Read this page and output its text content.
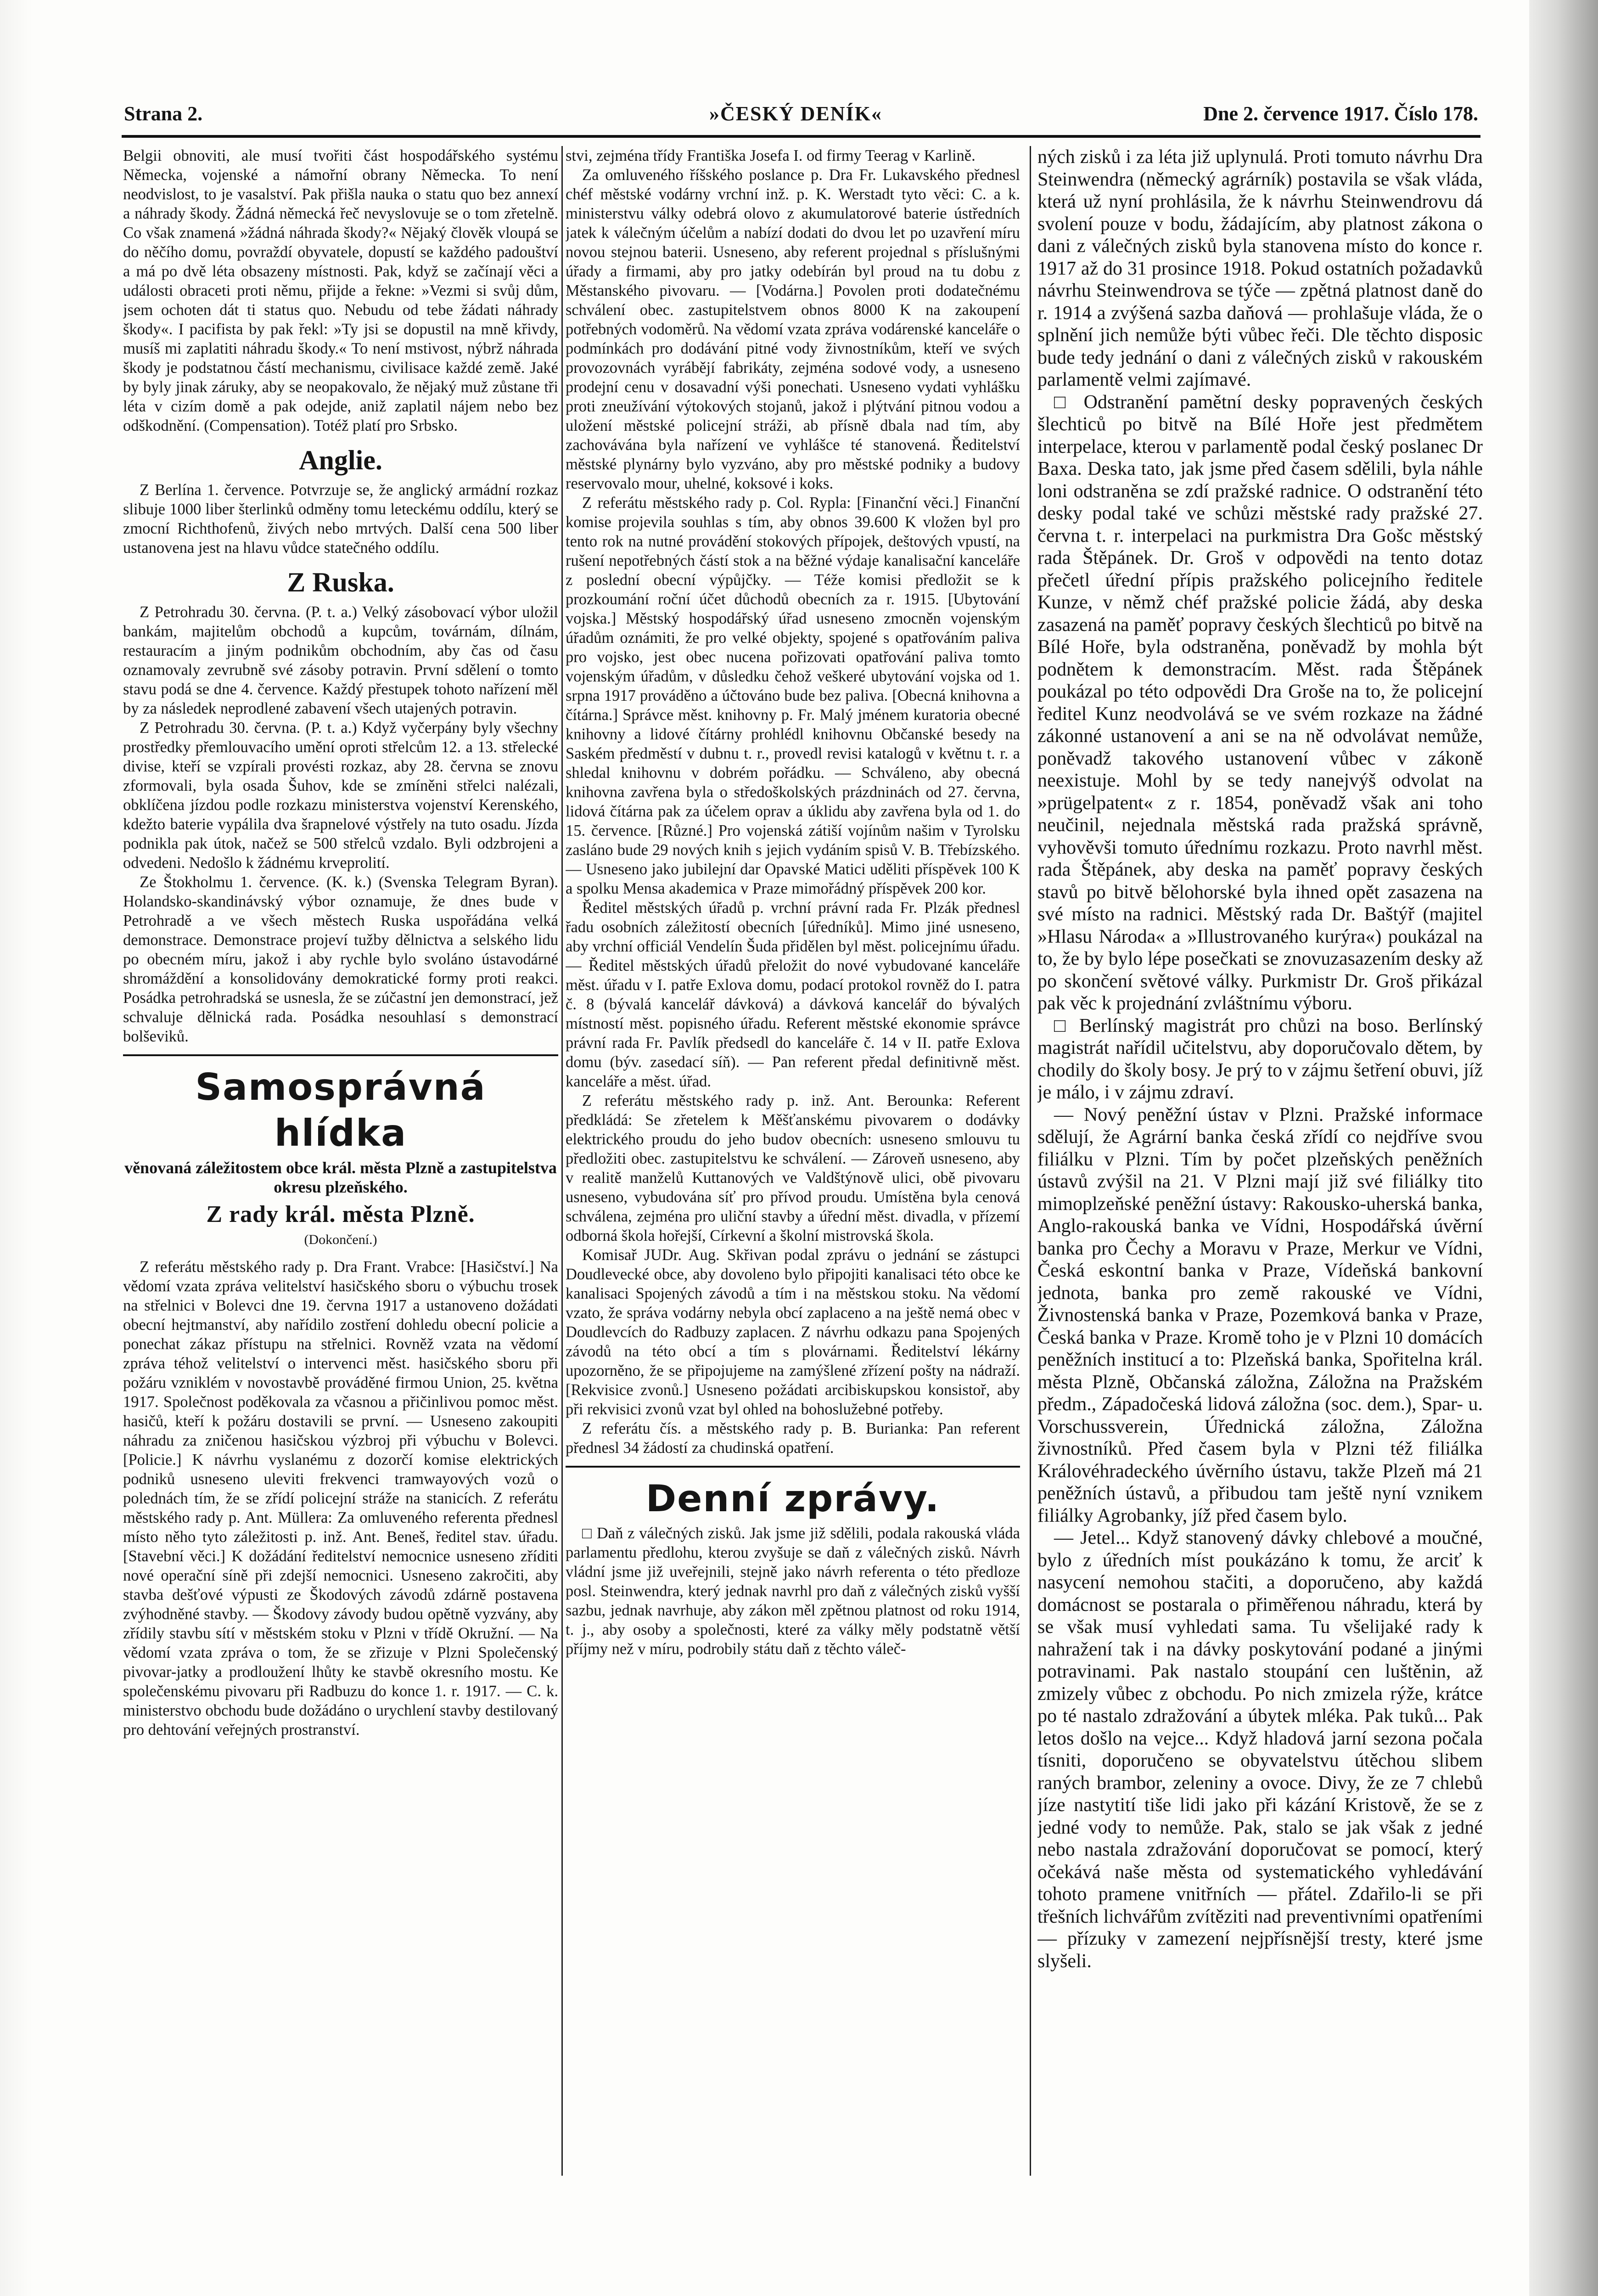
Strana 2.	»ČESKÝ DENÍK«	Dne 2. července 1917. Číslo 178.

Belgii obnoviti, ale musí tvořiti část hospodářského systému Německa, vojenské a námořní obrany Německa. To není neodvislost, to je vasalství. Pak přišla nauka o statu quo bez annexí a náhrady škody. Žádná německá řeč nevyslovuje se o tom zřetelně. Co však znamená »žádná náhrada škody?« Nějaký člověk vloupá se do něčího domu, povraždí obyvatele, dopustí se každého padouštví a má po dvě léta obsazeny místnosti. Pak, když se začínají věci a události obraceti proti němu, přijde a řekne: »Vezmi si svůj dům, jsem ochoten dát ti status quo. Nebudu od tebe žádati náhrady škody«. I pacifista by pak řekl: »Ty jsi se dopustil na mně křivdy, musíš mi zaplatiti náhradu škody.« To není mstivost, nýbrž náhrada škody je podstatnou částí mechanismu, civilisace každé země. Jaké by byly jinak záruky, aby se neopakovalo, že nějaký muž zůstane tři léta v cizím domě a pak odejde, aniž zaplatil nájem nebo bez odškodnění. (Compensation). Totéž platí pro Srbsko.

Anglie.

Z Berlína 1. července. Potvrzuje se, že anglický armádní rozkaz slibuje 1000 liber šterlinků odměny tomu leteckému oddílu, který se zmocní Richthofenů, živých nebo mrtvých. Další cena 500 liber ustanovena jest na hlavu vůdce statečného oddílu.

Z Ruska.

Z Petrohradu 30. června. (P. t. a.) Velký zásobovací výbor uložil bankám, majitelům obchodů a kupcům, továrnám, dílnám, restauracím a jiným podnikům obchodním, aby čas od času oznamovaly zevrubně své zásoby potravin. První sdělení o tomto stavu podá se dne 4. července. Každý přestupek tohoto nařízení měl by za následek neprodlené zabavení všech utajených potravin.

Z Petrohradu 30. června. (P. t. a.) Když vyčerpány byly všechny prostředky přemlouvacího umění oproti střelcům 12. a 13. střelecké divise, kteří se vzpírali provésti rozkaz, aby 28. června se znovu zformovali, byla osada Šuhov, kde se zmíněni střelci nalézali, obklíčena jízdou podle rozkazu ministerstva vojenství Kerenského, kdežto baterie vypálila dva šrapnelové výstřely na tuto osadu. Jízda podnikla pak útok, načež se 500 střelců vzdalo. Byli odzbrojeni a odvedeni. Nedošlo k žádnému krveprolití.

Ze Štokholmu 1. července. (K. k.) (Svenska Telegram Byran). Holandsko-skandinávský výbor oznamuje, že dnes bude v Petrohradě a ve všech městech Ruska uspořádána velká demonstrace. Demonstrace projeví tužby dělnictva a selského lidu po obecném míru, jakož i aby rychle bylo svoláno ústavodárné shromáždění a konsolidovány demokratické formy proti reakci. Posádka petrohradská se usnesla, že se zúčastní jen demonstrací, jež schvaluje dělnická rada. Posádka nesouhlasí s demonstrací bolševiků.

Samosprávná hlídka
věnovaná záležitostem obce král. města Plzně a zastupitelstva okresu plzeňského.
Z rady král. města Plzně.
(Dokončení.)

Z referátu městského rady p. Dra Frant. Vrabce: [Hasičství.] Na vědomí vzata zpráva velitelství hasičského sboru o výbuchu trosek na střelnici v Bolevci dne 19. června 1917 a ustanoveno dožádati obecní hejtmanství, aby nařídilo zostření dohledu obecní policie a ponechat zákaz přístupu na střelnici. Rovněž vzata na vědomí zpráva téhož velitelství o intervenci měst. hasičského sboru při požáru vzniklém v novostavbě prováděné firmou Union, 25. května 1917. Společnost poděkovala za včasnou a přičinlivou pomoc měst. hasičů, kteří k požáru dostavili se první. — Usneseno zakoupiti náhradu za zničenou hasičskou výzbroj při výbuchu v Bolevci. [Policie.] K návrhu vyslanému z dozorčí komise elektrických podniků usneseno uleviti frekvenci tramwayových vozů o polednách tím, že se zřídí policejní stráže na stanicích. Z referátu městského rady p. Ant. Müllera: Za omluveného referenta přednesl místo něho tyto záležitosti p. inž. Ant. Beneš, ředitel stav. úřadu. [Stavební věci.] K dožádání ředitelství nemocnice usneseno zříditi nové operační síně při zdejší nemocnici. Usneseno zakročiti, aby stavba dešťové výpusti ze Škodových závodů zdárně postavena zvýhodněné stavby. — Škodovy závody budou opětně vyzvány, aby zřídily stavbu sítí v městském stoku v Plzni v třídě Okružní. — Na vědomí vzata zpráva o tom, že se zřizuje v Plzni Společenský pivovar-jatky a prodloužení lhůty ke stavbě okresního mostu. Ke společenskému pivovaru při Radbuzu do konce 1. r. 1917. — C. k. ministerstvo obchodu bude dožádáno o urychlení stavby destilovaný pro dehtování veřejných prostranství.

stvi, zejména třídy Františka Josefa I. od firmy Teerag v Karlině.

Za omluveného říšského poslance p. Dra Fr. Lukavského přednesl chéf městské vodárny vrchní inž. p. K. Werstadt tyto věci: C. a k. ministerstvu války odebrá olovo z akumulatorové baterie ústředních jatek k válečným účelům a nabízí dodati do dvou let po uzavření míru novou stejnou baterii. Usneseno, aby referent projednal s příslušnými úřady a firmami, aby pro jatky odebírán byl proud na tu dobu z Městanského pivovaru. — [Vodárna.] Povolen proti dodatečnému schválení obec. zastupitelstvem obnos 8000 K na zakoupení potřebných vodoměrů. Na vědomí vzata zpráva vodárenské kanceláře o podmínkách pro dodávání pitné vody živnostníkům, kteří ve svých provozovnách vyrábějí fabrikáty, zejména sodové vody, a usneseno prodejní cenu v dosavadní výši ponechati. Usneseno vydati vyhlášku proti zneužívání výtokových stojanů, jakož i plýtvání pitnou vodou a uložení městské policejní stráži, ab přísně dbala nad tím, aby zachovávána byla nařízení ve vyhlášce té stanovená. Ředitelství městské plynárny bylo vyzváno, aby pro městské podniky a budovy reservovalo mour, uhelné, koksové i koks.

Z referátu městského rady p. Col. Rypla: [Finanční věci.] Finanční komise projevila souhlas s tím, aby obnos 39.600 K vložen byl pro tento rok na nutné provádění stokových přípojek, deštových vpustí, na rušení nepotřebných částí stok a na běžné výdaje kanalisační kanceláře z poslední obecní výpůjčky. — Téže komisi předložit se k prozkoumání roční účet důchodů obecních za r. 1915. [Ubytování vojska.] Městský hospodářský úřad usneseno zmocněn vojenským úřadům oznámiti, že pro velké objekty, spojené s opatřováním paliva pro vojsko, jest obec nucena pořizovati opatřování paliva tomto vojenským úřadům, v důsledku čehož veškeré ubytování vojska od 1. srpna 1917 prováděno a účtováno bude bez paliva. [Obecná knihovna a čítárna.] Správce měst. knihovny p. Fr. Malý jménem kuratoria obecné knihovny a lidové čítárny prohlédl knihovnu Občanské besedy na Saském předměstí v dubnu t. r., provedl revisi katalogů v květnu t. r. a shledal knihovnu v dobrém pořádku. — Schváleno, aby obecná knihovna zavřena byla o středoškolských prázdninách od 27. června, lidová čítárna pak za účelem oprav a úklidu aby zavřena byla od 1. do 15. července. [Různé.] Pro vojenská zátiší vojínům našim v Tyrolsku zasláno bude 29 nových knih s jejich vydáním spisů V. B. Třebízského. — Usneseno jako jubilejní dar Opavské Matici uděliti příspěvek 100 K a spolku Mensa akademica v Praze mimořádný příspěvek 200 kor.

Ředitel městských úřadů p. vrchní právní rada Fr. Plzák přednesl řadu osobních záležitostí obecních [úředníků]. Mimo jiné usneseno, aby vrchní officiál Vendelín Šuda přidělen byl měst. policejnímu úřadu. — Ředitel městských úřadů přeložit do nové vybudované kanceláře měst. úřadu v I. patře Exlova domu, podací protokol rovněž do I. patra č. 8 (bývalá kancelář dávková) a dávková kancelář do bývalých místností měst. popisného úřadu. Referent městské ekonomie správce právní rada Fr. Pavlík předsedl do kanceláře č. 14 v II. patře Exlova domu (býv. zasedací síň). — Pan referent předal definitivně měst. kanceláře a měst. úřad.

Z referátu městského rady p. inž. Ant. Berounka: Referent předkládá: Se zřetelem k Měšťanskému pivovarem o dodávky elektrického proudu do jeho budov obecních: usneseno smlouvu tu předložiti obec. zastupitelstvu ke schválení. — Zároveň usneseno, aby v realitě manželů Kuttanových ve Valdštýnově ulici, obě pivovaru usneseno, vybudována síť pro přívod proudu. Umístěna byla cenová schválena, zejména pro uliční stavby a úřední měst. divadla, v přízemí odborná škola hořejší, Církevní a školní mistrovská škola.

Komisař JUDr. Aug. Skřivan podal zprávu o jednání se zástupci Doudlevecké obce, aby dovoleno bylo připojiti kanalisaci této obce ke kanalisaci Spojených závodů a tím i na městskou stoku. Na vědomí vzato, že správa vodárny nebyla obcí zaplaceno a na ještě nemá obec v Doudlevcích do Radbuzy zaplacen. Z návrhu odkazu pana Spojených závodů na této obcí a tím s plovárnami. Ředitelství lékárny upozorněno, že se připojujeme na zamýšlené zřízení pošty na nádraží. [Rekvisice zvonů.] Usneseno požádati arcibiskupskou konsistoř, aby při rekvisici zvonů vzat byl ohled na bohoslužebné potřeby.

Z referátu čís. a městského rady p. B. Burianka: Pan referent přednesl 34 žádostí za chudinská opatření.

Denní zprávy.

□ Daň z válečných zisků. Jak jsme již sdělili, podala rakouská vláda parlamentu předlohu, kterou zvyšuje se daň z válečných zisků. Návrh vládní jsme již uveřejnili, stejně jako návrh referenta o této předloze posl. Steinwendra, který jednak navrhl pro daň z válečných zisků vyšší sazbu, jednak navrhuje, aby zákon měl zpětnou platnost od roku 1914, t. j., aby osoby a společnosti, které za války měly podstatně větší příjmy než v míru, podrobily státu daň z těchto váleč-

ných zisků i za léta již uplynulá. Proti tomuto návrhu Dra Steinwendra (německý agrárník) postavila se však vláda, která už nyní prohlásila, že k návrhu Steinwendrovu dá svolení pouze v bodu, žádajícím, aby platnost zákona o dani z válečných zisků byla stanovena místo do konce r. 1917 až do 31 prosince 1918. Pokud ostatních požadavků návrhu Steinwendrova se týče — zpětná platnost daně do r. 1914 a zvýšená sazba daňová — prohlašuje vláda, že o splnění jich nemůže býti vůbec řeči. Dle těchto disposic bude tedy jednání o dani z válečných zisků v rakouském parlamentě velmi zajímavé.

□ Odstranění pamětní desky popravených českých šlechticů po bitvě na Bílé Hoře jest předmětem interpelace, kterou v parlamentě podal český poslanec Dr Baxa. Deska tato, jak jsme před časem sdělili, byla náhle loni odstraněna se zdí pražské radnice. O odstranění této desky podal také ve schůzi městské rady pražské 27. června t. r. interpelaci na purkmistra Dra Gošc městský rada Štěpánek. Dr. Groš v odpovědi na tento dotaz přečetl úřední přípis pražského policejního ředitele Kunze, v němž chéf pražské policie žádá, aby deska zasazená na paměť popravy českých šlechticů po bitvě na Bílé Hoře, byla odstraněna, poněvadž by mohla být podnětem k demonstracím. Měst. rada Štěpánek poukázal po této odpovědi Dra Groše na to, že policejní ředitel Kunz neodvolává se ve svém rozkaze na žádné zákonné ustanovení a ani se na ně odvolávat nemůže, poněvadž takového ustanovení vůbec v zákoně neexistuje. Mohl by se tedy nanejvýš odvolat na »prügelpatent« z r. 1854, poněvadž však ani toho neučinil, nejednala městská rada pražská správně, vyhověvši tomuto úřednímu rozkazu. Proto navrhl měst. rada Štěpánek, aby deska na paměť popravy českých stavů po bitvě bělohorské byla ihned opět zasazena na své místo na radnici. Městský rada Dr. Baštýř (majitel »Hlasu Národa« a »Illustrovaného kurýra«) poukázal na to, že by bylo lépe posečkati se znovuzasazením desky až po skončení světové války. Purkmistr Dr. Groš přikázal pak věc k projednání zvláštnímu výboru.

□ Berlínský magistrát pro chůzi na boso. Berlínský magistrát nařídil učitelstvu, aby doporučovalo dětem, by chodily do školy bosy. Je prý to v zájmu šetření obuvi, jíž je málo, i v zájmu zdraví.

— Nový peněžní ústav v Plzni. Pražské informace sdělují, že Agrární banka česká zřídí co nejdříve svou filiálku v Plzni. Tím by počet plzeňských peněžních ústavů zvýšil na 21. V Plzni mají již své filiálky tito mimoplzeňské peněžní ústavy: Rakousko-uherská banka, Anglo-rakouská banka ve Vídni, Hospodářská úvěrní banka pro Čechy a Moravu v Praze, Merkur ve Vídni, Česká eskontní banka v Praze, Vídeňská bankovní jednota, banka pro země rakouské ve Vídni, Živnostenská banka v Praze, Pozemková banka v Praze, Česká banka v Praze. Kromě toho je v Plzni 10 domácích peněžních institucí a to: Plzeňská banka, Spořitelna král. města Plzně, Občanská záložna, Záložna na Pražském předm., Západočeská lidová záložna (soc. dem.), Spar- u. Vorschussverein, Úřednická záložna, Záložna živnostníků. Před časem byla v Plzni též filiálka Královéhradeckého úvěrního ústavu, takže Plzeň má 21 peněžních ústavů, a přibudou tam ještě nyní vznikem filiálky Agrobanky, jíž před časem bylo.

— Jetel... Když stanovený dávky chlebové a moučné, bylo z úředních míst poukázáno k tomu, že arciť k nasycení nemohou stačiti, a doporučeno, aby každá domácnost se postarala o přiměřenou náhradu, která by se však musí vyhledati sama. Tu všelijaké rady k nahražení tak i na dávky poskytování podané a jinými potravinami. Pak nastalo stoupání cen luštěnin, až zmizely vůbec z obchodu. Po nich zmizela rýže, krátce po té nastalo zdražování a úbytek mléka. Pak tuků... Pak letos došlo na vejce... Když hladová jarní sezona počala tísniti, doporučeno se obyvatelstvu útěchou slibem raných brambor, zeleniny a ovoce. Divy, že ze 7 chlebů jíze nastytití tiše lidi jako při kázání Kristově, že se z jedné vody to nemůže. Pak, stalo se jak však z jedné nebo nastala zdražování doporučovat se pomocí, který očekává naše města od systematického vyhledávání tohoto pramene vnitřních — přátel. Zdařilo-li se při třešních lichvářům zvítěziti nad preventivními opatřeními — přízuky v zamezení nejpřísnější tresty, které jsme slyšeli.
